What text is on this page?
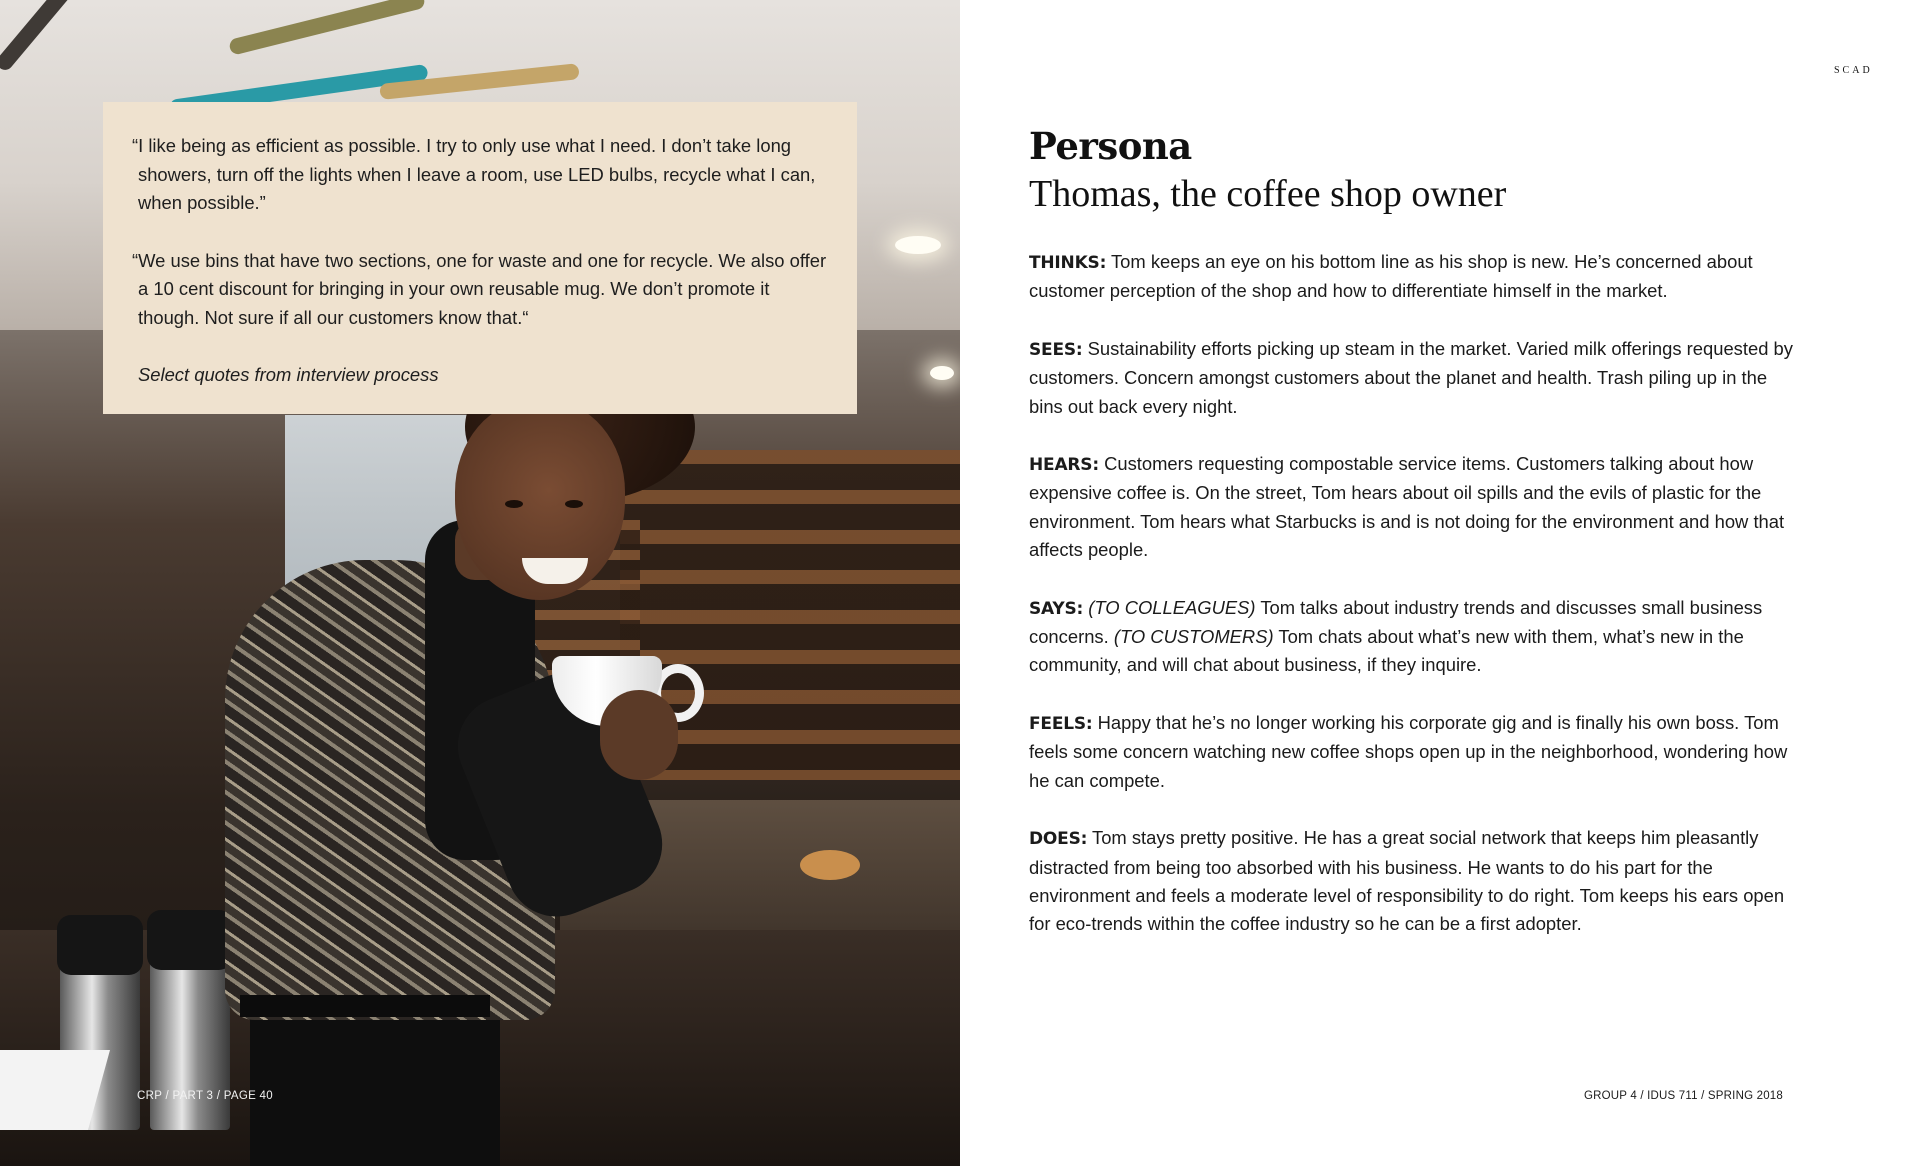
“I like being as efficient as possible. I try to only use what I need. I don’t take long showers, turn off the lights when I leave a room, use LED bulbs, recycle what I can, when possible.”

“We use bins that have two sections, one for waste and one for recycle. We also offer a 10 cent discount for bringing in your own reusable mug. We don’t promote it though. Not sure if all our customers know that.“

Select quotes from interview process

CRP / PART 3 / PAGE 40
SCAD
Persona
Thomas, the coffee shop owner

THINKS: Tom keeps an eye on his bottom line as his shop is new. He’s concerned about customer perception of the shop and how to differentiate himself in the market.

SEES: Sustainability efforts picking up steam in the market. Varied milk offerings requested by customers. Concern amongst customers about the planet and health. Trash piling up in the bins out back every night.

HEARS: Customers requesting compostable service items. Customers talking about how expensive coffee is. On the street, Tom hears about oil spills and the evils of plastic for the environment. Tom hears what Starbucks is and is not doing for the environment and how that affects people.

SAYS: (TO COLLEAGUES) Tom talks about industry trends and discusses small business concerns. (TO CUSTOMERS) Tom chats about what’s new with them, what’s new in the community, and will chat about business, if they inquire.

FEELS: Happy that he’s no longer working his corporate gig and is finally his own boss. Tom feels some concern watching new coffee shops open up in the neighborhood, wondering how he can compete.

DOES: Tom stays pretty positive. He has a great social network that keeps him pleasantly distracted from being too absorbed with his business. He wants to do his part for the environment and feels a moderate level of responsibility to do right. Tom keeps his ears open for eco-trends within the coffee industry so he can be a first adopter.

GROUP 4 / IDUS 711 / SPRING 2018
